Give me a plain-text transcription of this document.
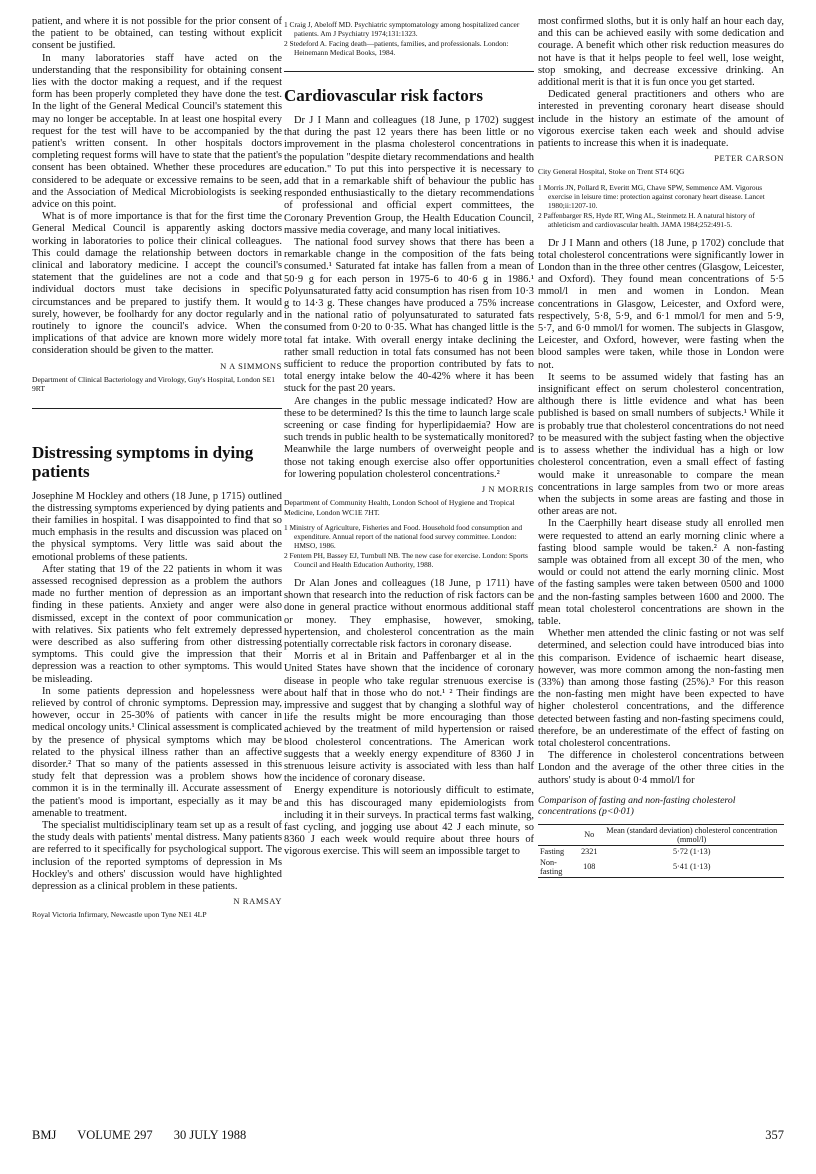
patient, and where it is not possible for the prior consent of the patient to be obtained, can testing without explicit consent be justified.

In many laboratories staff have acted on the understanding that the responsibility for obtaining consent lies with the doctor making a request, and if the request form has been properly completed they have done the test. In the light of the General Medical Council's statement this may no longer be acceptable. In at least one hospital every request for the test will have to be accompanied by the patient's written consent. In other hospitals doctors completing request forms will have to state that the patient's consent has been obtained. Whether these procedures are considered to be adequate or excessive remains to be seen, and the Association of Medical Microbiologists is seeking advice on this point.

What is of more importance is that for the first time the General Medical Council is apparently asking doctors working in laboratories to police their clinical colleagues. This could damage the relationship between doctors in clinical and laboratory medicine. I accept the council's statement that the guidelines are not a code and that individual doctors must take decisions in specific circumstances and be prepared to justify them. It would surely, however, be foolhardy for any doctor regularly and routinely to ignore the council's advice. When the implications of that advice are known more widely more consideration should be given to the matter.

N A SIMMONS
Department of Clinical Bacteriology and Virology, Guy's Hospital, London SE1 9RT
Distressing symptoms in dying patients

Josephine M Hockley and others (18 June, p 1715) outlined the distressing symptoms experienced by dying patients and their families in hospital. I was disappointed to find that so much emphasis in the results and discussion was placed on the physical symptoms. Very little was said about the emotional problems of these patients.

After stating that 19 of the 22 patients in whom it was assessed recognised depression as a problem the authors made no further mention of depression as an important finding in these patients. Anxiety and anger were also dismissed, except in the context of poor communication with relatives. Six patients who felt extremely depressed were described as also suffering from other distressing symptoms. This could give the impression that their depression was a reaction to other symptoms. This would be misleading.

In some patients depression and hopelessness were relieved by control of chronic symptoms. Depression may, however, occur in 25-30% of patients with cancer in medical oncology units.¹ Clinical assessment is complicated by the presence of physical symptoms which may be related to the physical illness rather than an affective disorder.² That so many of the patients assessed in this study felt that depression was a problem shows how common it is in the terminally ill. Accurate assessment of the patient's mood is important, especially as it may be amenable to treatment.

The specialist multidisciplinary team set up as a result of the study deals with patients' mental distress. Many patients are referred to it specifically for psychological support. The inclusion of the reported symptoms of depression in Ms Hockley's and others' discussion would have highlighted depression as a clinical problem in these patients.

N RAMSAY
Royal Victoria Infirmary, Newcastle upon Tyne NE1 4LP

1 Craig J, Abeloff MD. Psychiatric symptomatology among hospitalized cancer patients. Am J Psychiatry 1974;131:1323.

2 Stedeford A. Facing death—patients, families, and professionals. London: Heinemann Medical Books, 1984.

Cardiovascular risk factors

Dr J I Mann and colleagues (18 June, p 1702) suggest that during the past 12 years there has been little or no improvement in the plasma cholesterol concentrations in the population "despite dietary recommendations and health education." To put this into perspective it is necessary to add that in a remarkable shift of behaviour the public has responded enthusiastically to the dietary recommendations of professional and official expert committees, the Coronary Prevention Group, the Health Education Council, massive media coverage, and many local initiatives.

The national food survey shows that there has been a remarkable change in the composition of the fats being consumed.¹ Saturated fat intake has fallen from a mean of 50·9 g for each person in 1975-6 to 40·6 g in 1986.¹ Polyunsaturated fatty acid consumption has risen from 10·3 g to 14·3 g. These changes have produced a 75% increase in the national ratio of polyunsaturated to saturated fats consumed from 0·20 to 0·35. What has changed little is the total fat intake. With overall energy intake declining the rather small reduction in total fats consumed has not been sufficient to reduce the proportion contributed by fats to total energy intake below the 40-42% where it has been stuck for the past 20 years.

Are changes in the public message indicated? How are these to be determined? Is this the time to launch large scale screening or case finding for hyperlipidaemia? How are such trends in public health to be systematically monitored? Meanwhile the large numbers of overweight people and those not taking enough exercise also offer opportunities for lowering population cholesterol concentrations.²

J N MORRIS
Department of Community Health, London School of Hygiene and Tropical Medicine, London WC1E 7HT.

1 Ministry of Agriculture, Fisheries and Food. Household food consumption and expenditure. Annual report of the national food survey committee. London: HMSO, 1986.

2 Fentem PH, Bassey EJ, Turnbull NB. The new case for exercise. London: Sports Council and Health Education Authority, 1988.

Dr Alan Jones and colleagues (18 June, p 1711) have shown that research into the reduction of risk factors can be done in general practice without enormous additional staff or money. They emphasise, however, smoking, hypertension, and cholesterol concentration as the main potentially correctable risk factors in coronary disease.

Morris et al in Britain and Paffenbarger et al in the United States have shown that the incidence of coronary disease in people who take regular strenuous exercise is about half that in those who do not.¹ ² Their findings are impressive and suggest that by changing a slothful way of life the results might be more encouraging than those achieved by the treatment of mild hypertension or raised blood cholesterol concentrations. The American work suggests that a weekly energy expenditure of 8360 J in strenuous leisure activity is associated with less than half the incidence of coronary disease.

Energy expenditure is notoriously difficult to estimate, and this has discouraged many epidemiologists from including it in their surveys. In practical terms fast walking, fast cycling, and jogging use about 42 J each minute, so 8360 J each week would require about three hours of vigorous exercise. This will seem an impossible target to

most confirmed sloths, but it is only half an hour each day, and this can be achieved easily with some dedication and courage. A benefit which other risk reduction measures do not have is that it helps people to feel well, lose weight, stop smoking, and decrease excessive drinking. An additional merit is that it is fun once you get started.

Dedicated general practitioners and others who are interested in preventing coronary heart disease should include in the history an estimate of the amount of vigorous exercise taken each week and should advise patients to increase this when it is inadequate.

PETER CARSON
City General Hospital, Stoke on Trent ST4 6QG

1 Morris JN, Pollard R, Everitt MG, Chave SPW, Semmence AM. Vigorous exercise in leisure time: protection against coronary heart disease. Lancet 1980;ii:1207-10.

2 Paffenbarger RS, Hyde RT, Wing AL, Steinmetz H. A natural history of athleticism and cardiovascular health. JAMA 1984;252:491-5.

Dr J I Mann and others (18 June, p 1702) conclude that total cholesterol concentrations were significantly lower in London than in the three other centres (Glasgow, Leicester, and Oxford). They found mean concentrations of 5·5 mmol/l in men and women in London. Mean concentrations in Glasgow, Leicester, and Oxford were, respectively, 5·8, 5·9, and 6·1 mmol/l for men and 5·9, 5·7, and 6·0 mmol/l for women. The subjects in Glasgow, Leicester, and Oxford, however, were fasting when the blood samples were taken, while those in London were not.

It seems to be assumed widely that fasting has an insignificant effect on serum cholesterol concentration, although there is little evidence and what has been published is based on small numbers of subjects.¹ While it is probably true that cholesterol concentrations do not need to be measured with the subject fasting when the objective is to assess whether the individual has a high or low cholesterol concentration, even a small effect of fasting would make it unreasonable to compare the mean concentrations in large samples from two or more areas when the subjects in some areas are fasting and those in other areas are not.

In the Caerphilly heart disease study all enrolled men were requested to attend an early morning clinic where a fasting blood sample would be taken.² A non-fasting sample was obtained from all except 30 of the men, who would or could not attend the early morning clinic. Most of the fasting samples were taken between 0500 and 1000 and the non-fasting samples between 1600 and 2000. The mean total cholesterol concentrations are shown in the table.

Whether men attended the clinic fasting or not was self determined, and selection could have introduced bias into this comparison. Evidence of ischaemic heart disease, however, was more common among the non-fasting men (33%) than among those fasting (25%).³ For this reason the non-fasting men might have been expected to have higher cholesterol concentrations, and the difference detected between fasting and non-fasting specimens could, therefore, be an underestimate of the effect of fasting on total cholesterol concentrations.

The difference in cholesterol concentrations between London and the average of the other three cities in the authors' study is about 0·4 mmol/l for

Comparison of fasting and non-fasting cholesterol concentrations (p<0·01)
	No	Mean (standard deviation) cholesterol concentration (mmol/l)
Fasting	2321	5·72 (1·13)
Non-fasting	108	5·41 (1·13)
BMJ VOLUME 297 30 JULY 1988	357
